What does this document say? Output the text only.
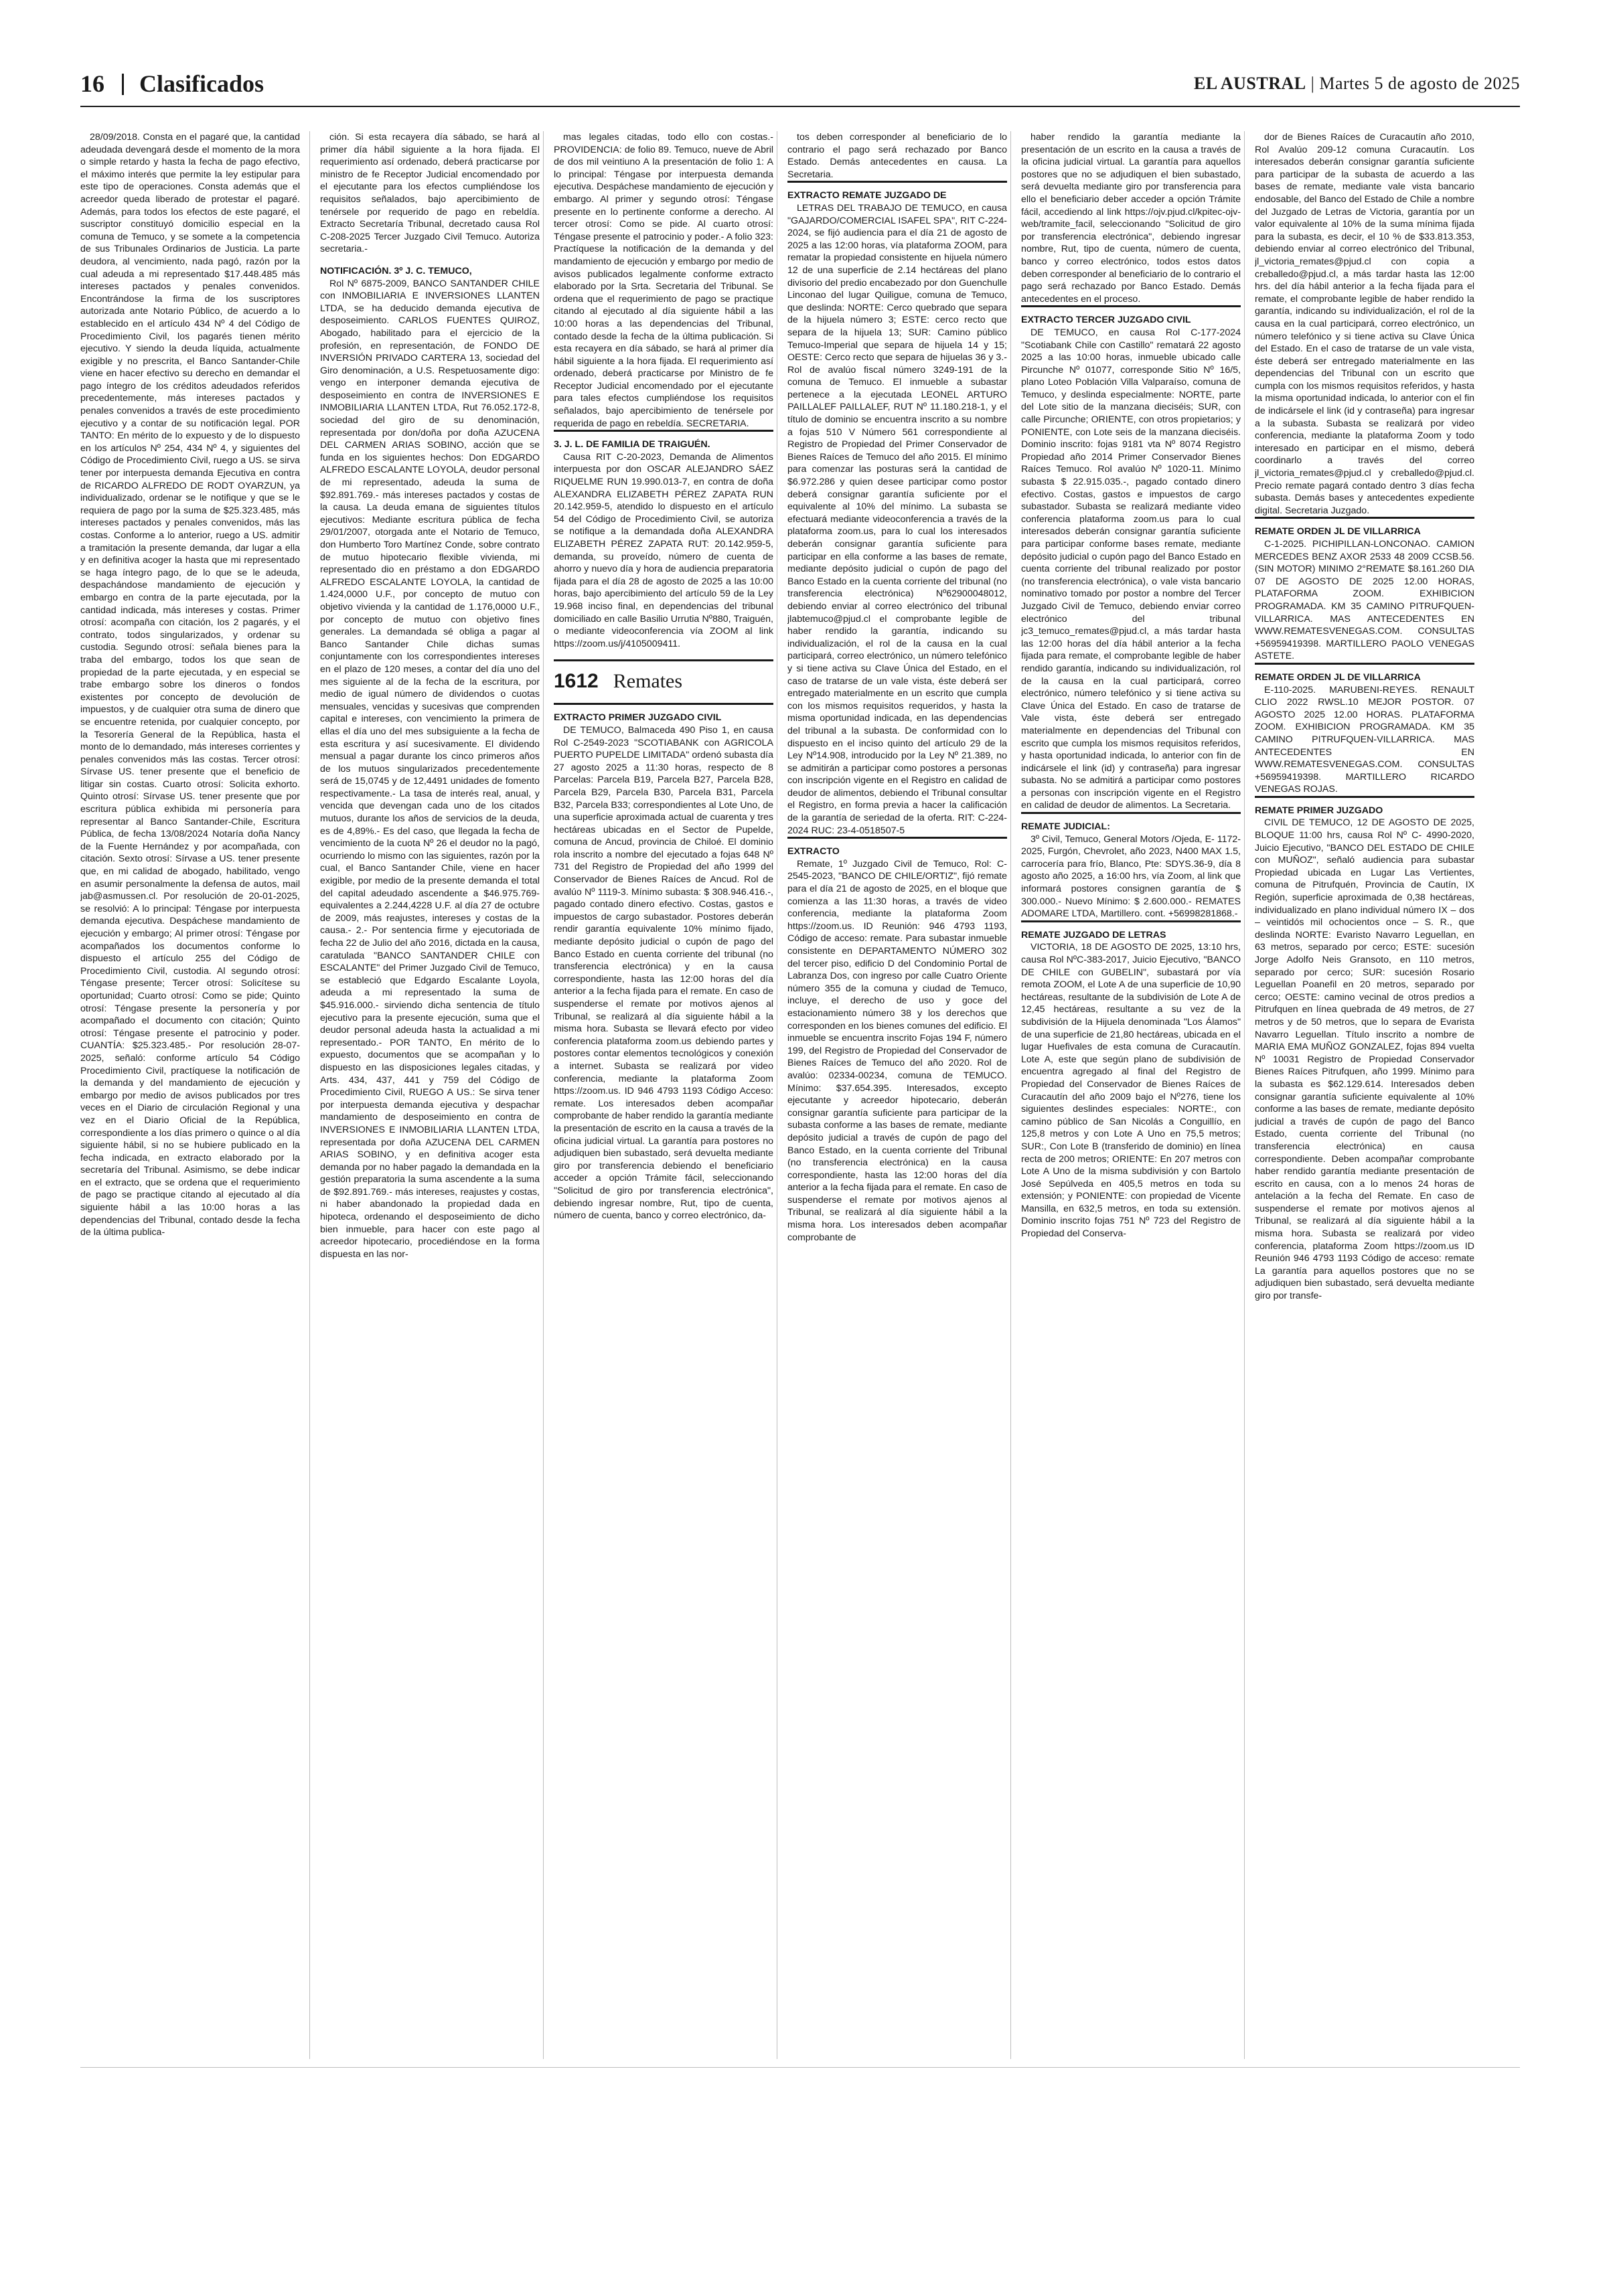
16 Clasificados	EL AUSTRAL | Martes 5 de agosto de 2025

28/09/2018. Consta en el pagaré que, la cantidad adeudada devengará desde el momento de la mora o simple retardo y hasta la fecha de pago efectivo, el máximo interés que permite la ley estipular para este tipo de operaciones. Consta además que el acreedor queda liberado de protestar el pagaré. Además, para todos los efectos de este pagaré, el suscriptor constituyó domicilio especial en la comuna de Temuco, y se somete a la competencia de sus Tribunales Ordinarios de Justicia. La parte deudora, al vencimiento, nada pagó, razón por la cual adeuda a mi representado $17.448.485 más intereses pactados y penales convenidos. Encontrándose la firma de los suscriptores autorizada ante Notario Público, de acuerdo a lo establecido en el artículo 434 Nº 4 del Código de Procedimiento Civil, los pagarés tienen mérito ejecutivo. Y siendo la deuda líquida, actualmente exigible y no prescrita, el Banco Santander-Chile viene en hacer efectivo su derecho en demandar el pago íntegro de los créditos adeudados referidos precedentemente, más intereses pactados y penales convenidos a través de este procedimiento ejecutivo y a contar de su notificación legal. POR TANTO: En mérito de lo expuesto y de lo dispuesto en los artículos Nº 254, 434 Nº 4, y siguientes del Código de Procedimiento Civil, ruego a US. se sirva tener por interpuesta demanda Ejecutiva en contra de RICARDO ALFREDO DE RODT OYARZUN, ya individualizado, ordenar se le notifique y que se le requiera de pago por la suma de $25.323.485, más intereses pactados y penales convenidos, más las costas. Conforme a lo anterior, ruego a US. admitir a tramitación la presente demanda, dar lugar a ella y en definitiva acoger la hasta que mi representado se haga íntegro pago, de lo que se le adeuda, despachándose mandamiento de ejecución y embargo en contra de la parte ejecutada, por la cantidad indicada, más intereses y costas. Primer otrosí: acompaña con citación, los 2 pagarés, y el contrato, todos singularizados, y ordenar su custodia. Segundo otrosí: señala bienes para la traba del embargo, todos los que sean de propiedad de la parte ejecutada, y en especial se trabe embargo sobre los dineros o fondos existentes por concepto de devolución de impuestos, y de cualquier otra suma de dinero que se encuentre retenida, por cualquier concepto, por la Tesorería General de la República, hasta el monto de lo demandado, más intereses corrientes y penales convenidos más las costas. Tercer otrosí: Sírvase US. tener presente que el beneficio de litigar sin costas. Cuarto otrosí: Solicita exhorto. Quinto otrosí: Sírvase US. tener presente que por escritura pública exhibida mi personería para representar al Banco Santander-Chile, Escritura Pública, de fecha 13/08/2024 Notaría doña Nancy de la Fuente Hernández y por acompañada, con citación. Sexto otrosí: Sírvase a US. tener presente que, en mi calidad de abogado, habilitado, vengo en asumir personalmente la defensa de autos, mail jab@asmussen.cl. Por resolución de 20-01-2025, se resolvió: A lo principal: Téngase por interpuesta demanda ejecutiva. Despáchese mandamiento de ejecución y embargo; Al primer otrosí: Téngase por acompañados los documentos conforme lo dispuesto el artículo 255 del Código de Procedimiento Civil, custodia. Al segundo otrosí: Téngase presente; Tercer otrosí: Solicítese su oportunidad; Cuarto otrosí: Como se pide; Quinto otrosí: Téngase presente la personería y por acompañado el documento con citación; Quinto otrosí: Téngase presente el patrocinio y poder. CUANTÍA: $25.323.485.- Por resolución 28-07-2025, señaló: conforme artículo 54 Código Procedimiento Civil, practíquese la notificación de la demanda y del mandamiento de ejecución y embargo por medio de avisos publicados por tres veces en el Diario de circulación Regional y una vez en el Diario Oficial de la República, correspondiente a los días primero o quince o al día siguiente hábil, si no se hubiere publicado en la fecha indicada, en extracto elaborado por la secretaría del Tribunal. Asimismo, se debe indicar en el extracto, que se ordena que el requerimiento de pago se practique citando al ejecutado al día siguiente hábil a las 10:00 horas a las dependencias del Tribunal, contado desde la fecha de la última publica-

ción. Si esta recayera día sábado, se hará al primer día hábil siguiente a la hora fijada. El requerimiento así ordenado, deberá practicarse por ministro de fe Receptor Judicial encomendado por el ejecutante para los efectos cumpliéndose los requisitos señalados, bajo apercibimiento de tenérsele por requerido de pago en rebeldía. Extracto Secretaría Tribunal, decretado causa Rol C-208-2025 Tercer Juzgado Civil Temuco. Autoriza secretaria.-

NOTIFICACIÓN. 3º J. C. TEMUCO,

Rol Nº 6875-2009, BANCO SANTANDER CHILE con INMOBILIARIA E INVERSIONES LLANTEN LTDA, se ha deducido demanda ejecutiva de desposeimiento. CARLOS FUENTES QUIROZ, Abogado, habilitado para el ejercicio de la profesión, en representación, de FONDO DE INVERSIÓN PRIVADO CARTERA 13, sociedad del Giro denominación, a U.S. Respetuosamente digo: vengo en interponer demanda ejecutiva de desposeimiento en contra de INVERSIONES E INMOBILIARIA LLANTEN LTDA, Rut 76.052.172-8, sociedad del giro de su denominación, representada por don/doña por doña AZUCENA DEL CARMEN ARIAS SOBINO, acción que se funda en los siguientes hechos: Don EDGARDO ALFREDO ESCALANTE LOYOLA, deudor personal de mi representado, adeuda la suma de $92.891.769.- más intereses pactados y costas de la causa. La deuda emana de siguientes títulos ejecutivos: Mediante escritura pública de fecha 29/01/2007, otorgada ante el Notario de Temuco, don Humberto Toro Martínez Conde, sobre contrato de mutuo hipotecario flexible vivienda, mi representado dio en préstamo a don EDGARDO ALFREDO ESCALANTE LOYOLA, la cantidad de 1.424,0000 U.F., por concepto de mutuo con objetivo vivienda y la cantidad de 1.176,0000 U.F., por concepto de mutuo con objetivo fines generales. La demandada sé obliga a pagar al Banco Santander Chile dichas sumas conjuntamente con los correspondientes intereses en el plazo de 120 meses, a contar del día uno del mes siguiente al de la fecha de la escritura, por medio de igual número de dividendos o cuotas mensuales, vencidas y sucesivas que comprenden capital e intereses, con vencimiento la primera de ellas el día uno del mes subsiguiente a la fecha de esta escritura y así sucesivamente. El dividendo mensual a pagar durante los cinco primeros años de los mutuos singularizados precedentemente será de 15,0745 y de 12,4491 unidades de fomento respectivamente.- La tasa de interés real, anual, y vencida que devengan cada uno de los citados mutuos, durante los años de servicios de la deuda, es de 4,89%.- Es del caso, que llegada la fecha de vencimiento de la cuota Nº 26 el deudor no la pagó, ocurriendo lo mismo con las siguientes, razón por la cual, el Banco Santander Chile, viene en hacer exigible, por medio de la presente demanda el total del capital adeudado ascendente a $46.975.769- equivalentes a 2.244,4228 U.F. al día 27 de octubre de 2009, más reajustes, intereses y costas de la causa.- 2.- Por sentencia firme y ejecutoriada de fecha 22 de Julio del año 2016, dictada en la causa, caratulada "BANCO SANTANDER CHILE con ESCALANTE" del Primer Juzgado Civil de Temuco, se estableció que Edgardo Escalante Loyola, adeuda a mi representado la suma de $45.916.000.- sirviendo dicha sentencia de título ejecutivo para la presente ejecución, suma que el deudor personal adeuda hasta la actualidad a mi representado.- POR TANTO, En mérito de lo expuesto, documentos que se acompañan y lo dispuesto en las disposiciones legales citadas, y Arts. 434, 437, 441 y 759 del Código de Procedimiento Civil, RUEGO A US.: Se sirva tener por interpuesta demanda ejecutiva y despachar mandamiento de desposeimiento en contra de INVERSIONES E INMOBILIARIA LLANTEN LTDA, representada por doña AZUCENA DEL CARMEN ARIAS SOBINO, y en definitiva acoger esta demanda por no haber pagado la demandada en la gestión preparatoria la suma ascendente a la suma de $92.891.769.- más intereses, reajustes y costas, ni haber abandonado la propiedad dada en hipoteca, ordenando el desposeimiento de dicho bien inmueble, para hacer con este pago al acreedor hipotecario, procediéndose en la forma dispuesta en las nor-

mas legales citadas, todo ello con costas.- PROVIDENCIA: de folio 89. Temuco, nueve de Abril de dos mil veintiuno A la presentación de folio 1: A lo principal: Téngase por interpuesta demanda ejecutiva. Despáchese mandamiento de ejecución y embargo. Al primer y segundo otrosí: Téngase presente en lo pertinente conforme a derecho. Al tercer otrosí: Como se pide. Al cuarto otrosí: Téngase presente el patrocinio y poder.- A folio 323: Practíquese la notificación de la demanda y del mandamiento de ejecución y embargo por medio de avisos publicados legalmente conforme extracto elaborado por la Srta. Secretaria del Tribunal. Se ordena que el requerimiento de pago se practique citando al ejecutado al día siguiente hábil a las 10:00 horas a las dependencias del Tribunal, contado desde la fecha de la última publicación. Si esta recayera en día sábado, se hará al primer día hábil siguiente a la hora fijada. El requerimiento así ordenado, deberá practicarse por Ministro de fe Receptor Judicial encomendado por el ejecutante para tales efectos cumpliéndose los requisitos señalados, bajo apercibimiento de tenérsele por requerida de pago en rebeldía. SECRETARIA.

3. J. L. DE FAMILIA DE TRAIGUÉN.

Causa RIT C-20-2023, Demanda de Alimentos interpuesta por don OSCAR ALEJANDRO SÁEZ RIQUELME RUN 19.990.013-7, en contra de doña ALEXANDRA ELIZABETH PÉREZ ZAPATA RUN 20.142.959-5, atendido lo dispuesto en el artículo 54 del Código de Procedimiento Civil, se autoriza se notifique a la demandada doña ALEXANDRA ELIZABETH PÉREZ ZAPATA RUT: 20.142.959-5, demanda, su proveído, número de cuenta de ahorro y nuevo día y hora de audiencia preparatoria fijada para el día 28 de agosto de 2025 a las 10:00 horas, bajo apercibimiento del artículo 59 de la Ley 19.968 inciso final, en dependencias del tribunal domiciliado en calle Basilio Urrutia Nº880, Traiguén, o mediante videoconferencia vía ZOOM al link https://zoom.us/j/4105009411.

1612 Remates

EXTRACTO PRIMER JUZGADO CIVIL

DE TEMUCO, Balmaceda 490 Piso 1, en causa Rol C-2549-2023 "SCOTIABANK con AGRICOLA PUERTO PUPELDE LIMITADA" ordenó subasta día 27 agosto 2025 a 11:30 horas, respecto de 8 Parcelas: Parcela B19, Parcela B27, Parcela B28, Parcela B29, Parcela B30, Parcela B31, Parcela B32, Parcela B33; correspondientes al Lote Uno, de una superficie aproximada actual de cuarenta y tres hectáreas ubicadas en el Sector de Pupelde, comuna de Ancud, provincia de Chiloé. El dominio rola inscrito a nombre del ejecutado a fojas 648 Nº 731 del Registro de Propiedad del año 1999 del Conservador de Bienes Raíces de Ancud. Rol de avalúo Nº 1119-3. Mínimo subasta: $ 308.946.416.-, pagado contado dinero efectivo. Costas, gastos e impuestos de cargo subastador. Postores deberán rendir garantía equivalente 10% mínimo fijado, mediante depósito judicial o cupón de pago del Banco Estado en cuenta corriente del tribunal (no transferencia electrónica) y en la causa correspondiente, hasta las 12:00 horas del día anterior a la fecha fijada para el remate. En caso de suspenderse el remate por motivos ajenos al Tribunal, se realizará al día siguiente hábil a la misma hora. Subasta se llevará efecto por video conferencia plataforma zoom.us debiendo partes y postores contar elementos tecnológicos y conexión a internet. Subasta se realizará por video conferencia, mediante la plataforma Zoom https://zoom.us. ID 946 4793 1193 Código Acceso: remate. Los interesados deben acompañar comprobante de haber rendido la garantía mediante la presentación de escrito en la causa a través de la oficina judicial virtual. La garantía para postores no adjudiquen bien subastado, será devuelta mediante giro por transferencia debiendo el beneficiario acceder a opción Trámite fácil, seleccionando "Solicitud de giro por transferencia electrónica", debiendo ingresar nombre, Rut, tipo de cuenta, número de cuenta, banco y correo electrónico, da-

tos deben corresponder al beneficiario de lo contrario el pago será rechazado por Banco Estado. Demás antecedentes en causa. La Secretaria.

EXTRACTO REMATE JUZGADO DE

LETRAS DEL TRABAJO DE TEMUCO, en causa "GAJARDO/COMERCIAL ISAFEL SPA", RIT C-224-2024, se fijó audiencia para el día 21 de agosto de 2025 a las 12:00 horas, vía plataforma ZOOM, para rematar la propiedad consistente en hijuela número 12 de una superficie de 2.14 hectáreas del plano divisorio del predio encabezado por don Guenchulle Linconao del lugar Quiligue, comuna de Temuco, que deslinda: NORTE: Cerco quebrado que separa de la hijuela número 3; ESTE: cerco recto que separa de la hijuela 13; SUR: Camino público Temuco-Imperial que separa de hijuela 14 y 15; OESTE: Cerco recto que separa de hijuelas 36 y 3.- Rol de avalúo fiscal número 3249-191 de la comuna de Temuco. El inmueble a subastar pertenece a la ejecutada LEONEL ARTURO PAILLALEF PAILLALEF, RUT Nº 11.180.218-1, y el título de dominio se encuentra inscrito a su nombre a fojas 510 V Número 561 correspondiente al Registro de Propiedad del Primer Conservador de Bienes Raíces de Temuco del año 2015. El mínimo para comenzar las posturas será la cantidad de $6.972.286 y quien desee participar como postor deberá consignar garantía suficiente por el equivalente al 10% del mínimo. La subasta se efectuará mediante videoconferencia a través de la plataforma zoom.us, para lo cual los interesados deberán consignar garantía suficiente para participar en ella conforme a las bases de remate, mediante depósito judicial o cupón de pago del Banco Estado en la cuenta corriente del tribunal (no transferencia electrónica) Nº62900048012, debiendo enviar al correo electrónico del tribunal jlabtemuco@pjud.cl el comprobante legible de haber rendido la garantía, indicando su individualización, el rol de la causa en la cual participará, correo electrónico, un número telefónico y si tiene activa su Clave Única del Estado, en el caso de tratarse de un vale vista, éste deberá ser entregado materialmente en un escrito que cumpla con los mismos requisitos requeridos, y hasta la misma oportunidad indicada, en las dependencias del tribunal a la subasta. De conformidad con lo dispuesto en el inciso quinto del artículo 29 de la Ley Nº14.908, introducido por la Ley Nº 21.389, no se admitirán a participar como postores a personas con inscripción vigente en el Registro en calidad de deudor de alimentos, debiendo el Tribunal consultar el Registro, en forma previa a hacer la calificación de la garantía de seriedad de la oferta. RIT: C-224-2024 RUC: 23-4-0518507-5

EXTRACTO

Remate, 1º Juzgado Civil de Temuco, Rol: C-2545-2023, "BANCO DE CHILE/ORTIZ", fijó remate para el día 21 de agosto de 2025, en el bloque que comienza a las 11:30 horas, a través de video conferencia, mediante la plataforma Zoom https://zoom.us. ID Reunión: 946 4793 1193, Código de acceso: remate. Para subastar inmueble consistente en DEPARTAMENTO NÚMERO 302 del tercer piso, edificio D del Condominio Portal de Labranza Dos, con ingreso por calle Cuatro Oriente número 355 de la comuna y ciudad de Temuco, incluye, el derecho de uso y goce del estacionamiento número 38 y los derechos que corresponden en los bienes comunes del edificio. El inmueble se encuentra inscrito Fojas 194 F, número 199, del Registro de Propiedad del Conservador de Bienes Raíces de Temuco del año 2020. Rol de avalúo: 02334-00234, comuna de TEMUCO. Mínimo: $37.654.395. Interesados, excepto ejecutante y acreedor hipotecario, deberán consignar garantía suficiente para participar de la subasta conforme a las bases de remate, mediante depósito judicial a través de cupón de pago del Banco Estado, en la cuenta corriente del Tribunal (no transferencia electrónica) en la causa correspondiente, hasta las 12:00 horas del día anterior a la fecha fijada para el remate. En caso de suspenderse el remate por motivos ajenos al Tribunal, se realizará al día siguiente hábil a la misma hora. Los interesados deben acompañar comprobante de

haber rendido la garantía mediante la presentación de un escrito en la causa a través de la oficina judicial virtual. La garantía para aquellos postores que no se adjudiquen el bien subastado, será devuelta mediante giro por transferencia para ello el beneficiario deber acceder a opción Trámite fácil, accediendo al link https://ojv.pjud.cl/kpitec-ojv-web/tramite_facil, seleccionando "Solicitud de giro por transferencia electrónica", debiendo ingresar nombre, Rut, tipo de cuenta, número de cuenta, banco y correo electrónico, todos estos datos deben corresponder al beneficiario de lo contrario el pago será rechazado por Banco Estado. Demás antecedentes en el proceso.

EXTRACTO TERCER JUZGADO CIVIL

DE TEMUCO, en causa Rol C-177-2024 "Scotiabank Chile con Castillo" rematará 22 agosto 2025 a las 10:00 horas, inmueble ubicado calle Pircunche Nº 01077, corresponde Sitio Nº 16/5, plano Loteo Población Villa Valparaíso, comuna de Temuco, y deslinda especialmente: NORTE, parte del Lote sitio de la manzana dieciséis; SUR, con calle Pircunche; ORIENTE, con otros propietarios; y PONIENTE, con Lote seis de la manzana dieciséis. Dominio inscrito: fojas 9181 vta Nº 8074 Registro Propiedad año 2014 Primer Conservador Bienes Raíces Temuco. Rol avalúo Nº 1020-11. Mínimo subasta $ 22.915.035.-, pagado contado dinero efectivo. Costas, gastos e impuestos de cargo subastador. Subasta se realizará mediante video conferencia plataforma zoom.us para lo cual interesados deberán consignar garantía suficiente para participar conforme bases remate, mediante depósito judicial o cupón pago del Banco Estado en cuenta corriente del tribunal realizado por postor (no transferencia electrónica), o vale vista bancario nominativo tomado por postor a nombre del Tercer Juzgado Civil de Temuco, debiendo enviar correo electrónico del tribunal jc3_temuco_remates@pjud.cl, a más tardar hasta las 12:00 horas del día hábil anterior a la fecha fijada para remate, el comprobante legible de haber rendido garantía, indicando su individualización, rol de la causa en la cual participará, correo electrónico, número telefónico y si tiene activa su Clave Única del Estado. En caso de tratarse de Vale vista, éste deberá ser entregado materialmente en dependencias del Tribunal con escrito que cumpla los mismos requisitos referidos, y hasta oportunidad indicada, lo anterior con fin de indicársele el link (id) y contraseña) para ingresar subasta. No se admitirá a participar como postores a personas con inscripción vigente en el Registro en calidad de deudor de alimentos. La Secretaria.

REMATE JUDICIAL:

3º Civil, Temuco, General Motors /Ojeda, E- 1172-2025, Furgón, Chevrolet, año 2023, N400 MAX 1.5, carrocería para frío, Blanco, Pte: SDYS.36-9, día 8 agosto año 2025, a 16:00 hrs, vía Zoom, al link que informará postores consignen garantía de $ 300.000.- Nuevo Mínimo: $ 2.600.000.- REMATES ADOMARE LTDA, Martillero. cont. +56998281868.-

REMATE JUZGADO DE LETRAS

VICTORIA, 18 DE AGOSTO DE 2025, 13:10 hrs, causa Rol NºC-383-2017, Juicio Ejecutivo, "BANCO DE CHILE con GUBELIN", subastará por vía remota ZOOM, el Lote A de una superficie de 10,90 hectáreas, resultante de la subdivisión de Lote A de 12,45 hectáreas, resultante a su vez de la subdivisión de la Hijuela denominada "Los Álamos" de una superficie de 21,80 hectáreas, ubicada en el lugar Huefivales de esta comuna de Curacautín. Lote A, este que según plano de subdivisión de encuentra agregado al final del Registro de Propiedad del Conservador de Bienes Raíces de Curacautín del año 2009 bajo el Nº276, tiene los siguientes deslindes especiales: NORTE:, con camino público de San Nicolás a Conguillío, en 125,8 metros y con Lote A Uno en 75,5 metros; SUR:, Con Lote B (transferido de dominio) en línea recta de 200 metros; ORIENTE: En 207 metros con Lote A Uno de la misma subdivisión y con Bartolo José Sepúlveda en 405,5 metros en toda su extensión; y PONIENTE: con propiedad de Vicente Mansilla, en 632,5 metros, en toda su extensión. Dominio inscrito fojas 751 Nº 723 del Registro de Propiedad del Conserva-

dor de Bienes Raíces de Curacautín año 2010, Rol Avalúo 209-12 comuna Curacautín. Los interesados deberán consignar garantía suficiente para participar de la subasta de acuerdo a las bases de remate, mediante vale vista bancario endosable, del Banco del Estado de Chile a nombre del Juzgado de Letras de Victoria, garantía por un valor equivalente al 10% de la suma mínima fijada para la subasta, es decir, el 10 % de $33.813.353, debiendo enviar al correo electrónico del Tribunal, jl_victoria_remates@pjud.cl con copia a creballedo@pjud.cl, a más tardar hasta las 12:00 hrs. del día hábil anterior a la fecha fijada para el remate, el comprobante legible de haber rendido la garantía, indicando su individualización, el rol de la causa en la cual participará, correo electrónico, un número telefónico y si tiene activa su Clave Única del Estado. En el caso de tratarse de un vale vista, éste deberá ser entregado materialmente en las dependencias del Tribunal con un escrito que cumpla con los mismos requisitos referidos, y hasta la misma oportunidad indicada, lo anterior con el fin de indicársele el link (id y contraseña) para ingresar a la subasta. Subasta se realizará por video conferencia, mediante la plataforma Zoom y todo interesado en participar en el mismo, deberá coordinarlo a través del correo jl_victoria_remates@pjud.cl y creballedo@pjud.cl. Precio remate pagará contado dentro 3 días fecha subasta. Demás bases y antecedentes expediente digital. Secretaria Juzgado.

REMATE ORDEN JL DE VILLARRICA

C-1-2025. PICHIPILLAN-LONCONAO. CAMION MERCEDES BENZ AXOR 2533 48 2009 CCSB.56. (SIN MOTOR) MINIMO 2°REMATE $8.161.260 DIA 07 DE AGOSTO DE 2025 12.00 HORAS, PLATAFORMA ZOOM. EXHIBICION PROGRAMADA. KM 35 CAMINO PITRUFQUEN-VILLARRICA. MAS ANTECEDENTES EN WWW.REMATESVENEGAS.COM. CONSULTAS +56959419398. MARTILLERO PAOLO VENEGAS ASTETE.

REMATE ORDEN JL DE VILLARRICA

E-110-2025. MARUBENI-REYES. RENAULT CLIO 2022 RWSL.10 MEJOR POSTOR. 07 AGOSTO 2025 12.00 HORAS. PLATAFORMA ZOOM. EXHIBICION PROGRAMADA. KM 35 CAMINO PITRUFQUEN-VILLARRICA. MAS ANTECEDENTES EN WWW.REMATESVENEGAS.COM. CONSULTAS +56959419398. MARTILLERO RICARDO VENEGAS ROJAS.

REMATE PRIMER JUZGADO

CIVIL DE TEMUCO, 12 DE AGOSTO DE 2025, BLOQUE 11:00 hrs, causa Rol Nº C- 4990-2020, Juicio Ejecutivo, "BANCO DEL ESTADO DE CHILE con MUÑOZ", señaló audiencia para subastar Propiedad ubicada en Lugar Las Vertientes, comuna de Pitrufquén, Provincia de Cautín, IX Región, superficie aproximada de 0,38 hectáreas, individualizado en plano individual número IX – dos – veintidós mil ochocientos once – S. R., que deslinda NORTE: Evaristo Navarro Leguellan, en 63 metros, separado por cerco; ESTE: sucesión Jorge Adolfo Neis Gransoto, en 110 metros, separado por cerco; SUR: sucesión Rosario Leguellan Poanefil en 20 metros, separado por cerco; OESTE: camino vecinal de otros predios a Pitrufquen en línea quebrada de 49 metros, de 27 metros y de 50 metros, que lo separa de Evarista Navarro Leguellan. Título inscrito a nombre de MARIA EMA MUÑOZ GONZALEZ, fojas 894 vuelta Nº 10031 Registro de Propiedad Conservador Bienes Raíces Pitrufquen, año 1999. Mínimo para la subasta es $62.129.614. Interesados deben consignar garantía suficiente equivalente al 10% conforme a las bases de remate, mediante depósito judicial a través de cupón de pago del Banco Estado, cuenta corriente del Tribunal (no transferencia electrónica) en causa correspondiente. Deben acompañar comprobante haber rendido garantía mediante presentación de escrito en causa, con a lo menos 24 horas de antelación a la fecha del Remate. En caso de suspenderse el remate por motivos ajenos al Tribunal, se realizará al día siguiente hábil a la misma hora. Subasta se realizará por video conferencia, plataforma Zoom https://zoom.us ID Reunión 946 4793 1193 Código de acceso: remate La garantía para aquellos postores que no se adjudiquen bien subastado, será devuelta mediante giro por transfe-
